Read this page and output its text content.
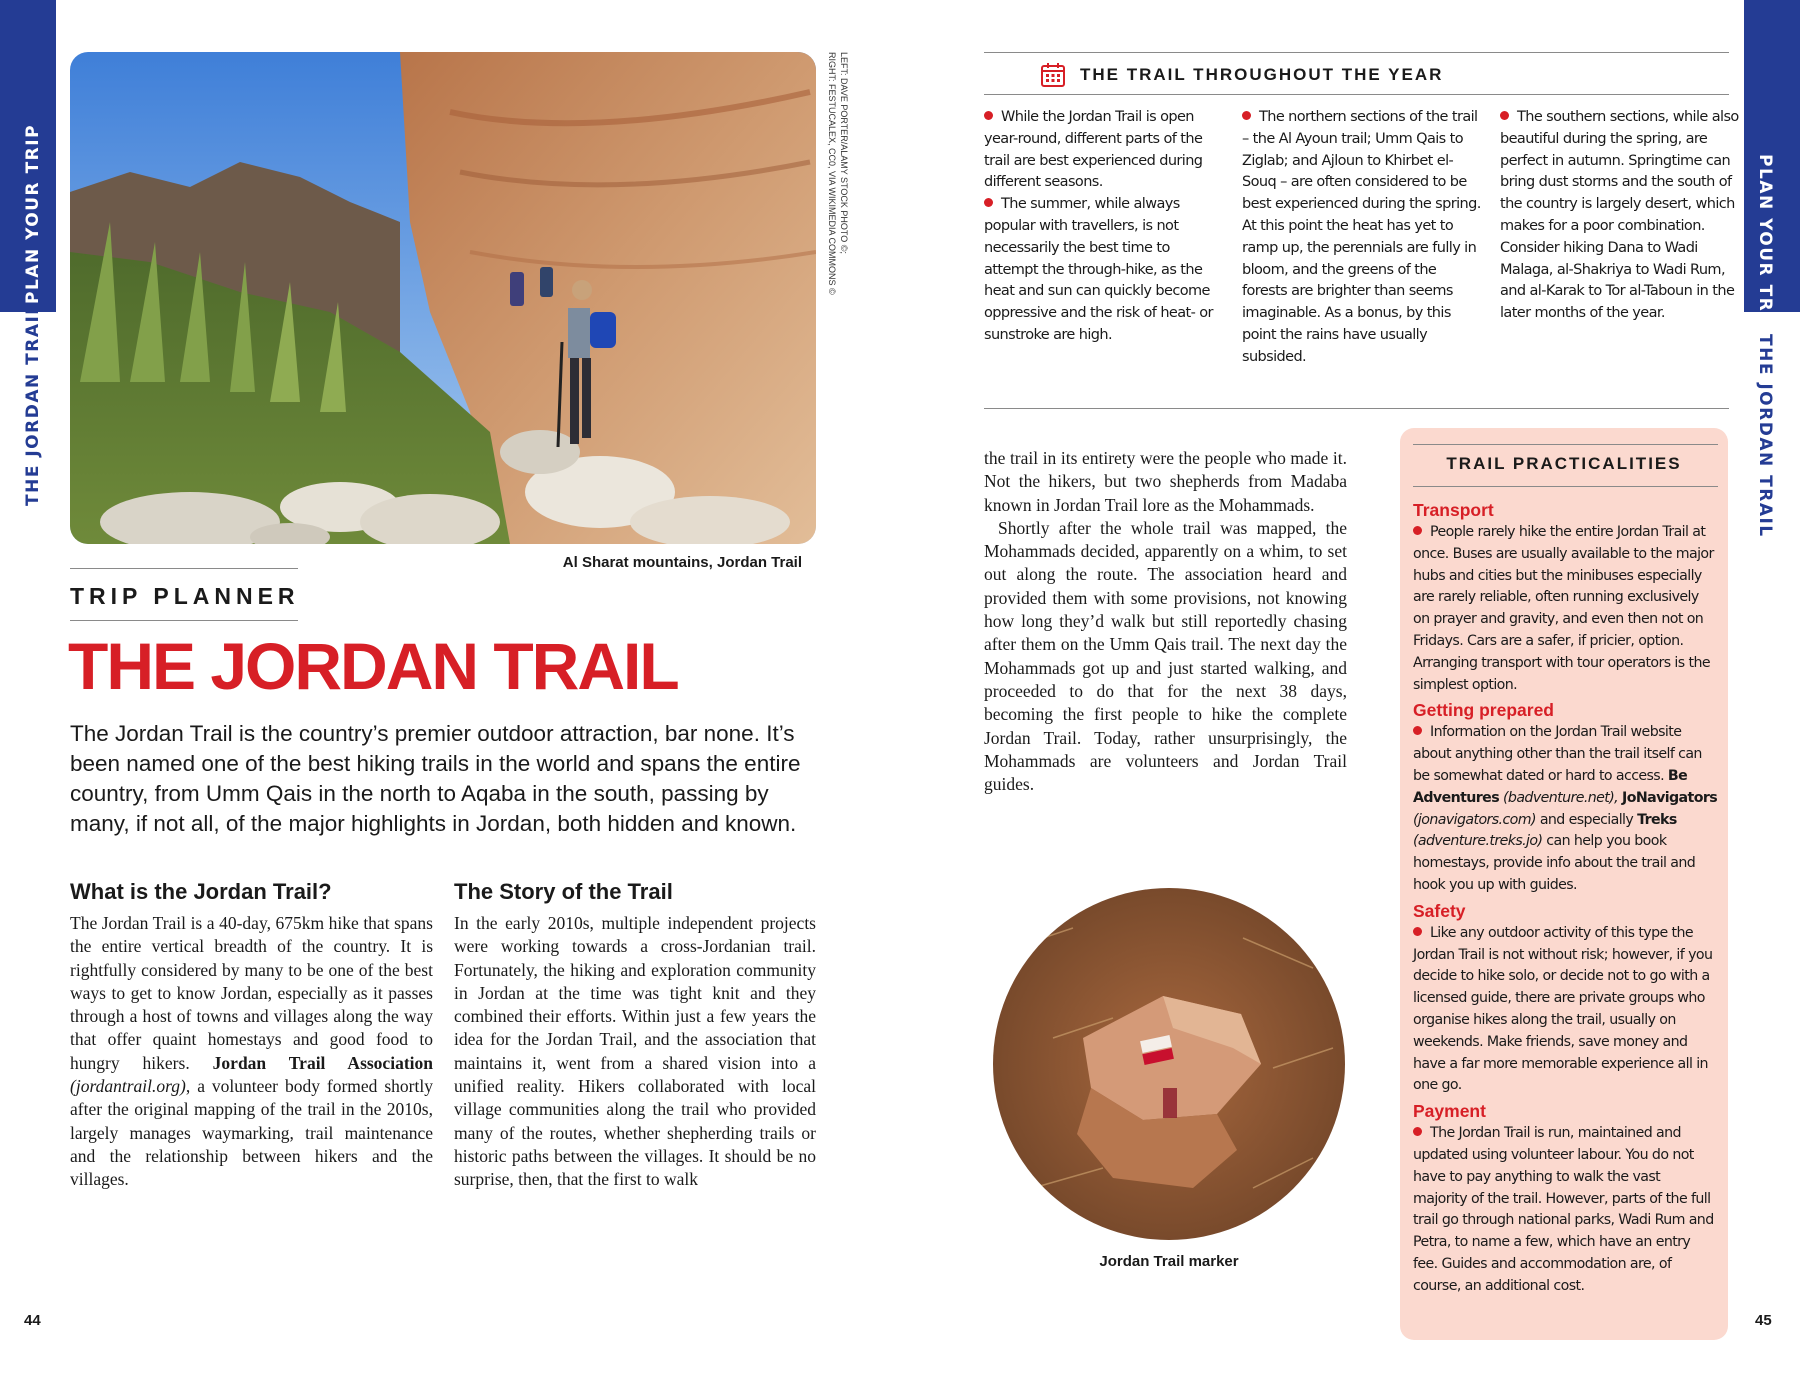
PLAN YOUR TRIP
THE JORDAN TRAIL
PLAN YOUR TRIP
THE JORDAN TRAIL
44	45
LEFT: DAVE PORTER/ALAMY STOCK PHOTO ©;
RIGHT: FESTUCALEX, CC0, VIA WIKIMEDIA COMMONS ©
Al Sharat mountains, Jordan Trail
TRIP PLANNER
THE JORDAN TRAIL
The Jordan Trail is the country’s premier outdoor attraction, bar none. It’s been named one of the best hiking trails in the world and spans the entire country, from Umm Qais in the north to Aqaba in the south, passing by many, if not all, of the major highlights in Jordan, both hidden and known.
What is the Jordan Trail?
The Jordan Trail is a 40-day, 675km hike that spans the entire vertical breadth of the country. It is rightfully considered by many to be one of the best ways to get to know Jordan, especially as it passes through a host of towns and villages along the way that offer quaint homestays and good food to hungry hikers. Jordan Trail Association (jordantrail.org), a volunteer body formed shortly after the original mapping of the trail in the 2010s, largely manages waymarking, trail maintenance and the relationship between hikers and the villages.
The Story of the Trail
In the early 2010s, multiple independent projects were working towards a cross-Jordanian trail. Fortunately, the hiking and exploration community in Jordan at the time was tight knit and they combined their efforts. Within just a few years the idea for the Jordan Trail, and the association that maintains it, went from a shared vision into a unified reality. Hikers collaborated with local village communities along the trail who provided many of the routes, whether shepherding trails or historic paths between the villages. It should be no surprise, then, that the first to walk
THE TRAIL THROUGHOUT THE YEAR
While the Jordan Trail is open year-round, different parts of the trail are best experienced during different seasons.
The summer, while always popular with travellers, is not necessarily the best time to attempt the through-hike, as the heat and sun can quickly become oppressive and the risk of heat- or sunstroke are high.
The northern sections of the trail – the Al Ayoun trail; Umm Qais to Ziglab; and Ajloun to Khirbet el-Souq – are often considered to be best experienced during the spring. At this point the heat has yet to ramp up, the perennials are fully in bloom, and the greens of the forests are brighter than seems imaginable. As a bonus, by this point the rains have usually subsided.
The southern sections, while also beautiful during the spring, are perfect in autumn. Springtime can bring dust storms and the south of the country is largely desert, which makes for a poor combination. Consider hiking Dana to Wadi Malaga, al-Shakriya to Wadi Rum, and al-Karak to Tor al-Taboun in the later months of the year.
the trail in its entirety were the people who made it. Not the hikers, but two shepherds from Madaba known in Jordan Trail lore as the Mohammads.
Shortly after the whole trail was mapped, the Mohammads decided, apparently on a whim, to set out along the route. The association heard and provided them with some provisions, not knowing how long they’d walk but still reportedly chasing after them on the Umm Qais trail. The next day the Mohammads got up and just started walking, and proceeded to do that for the next 38 days, becoming the first people to hike the complete Jordan Trail. Today, rather unsurprisingly, the Mohammads are volunteers and Jordan Trail guides.
Jordan Trail marker
TRAIL PRACTICALITIES
Transport

People rarely hike the entire Jordan Trail at once. Buses are usually available to the major hubs and cities but the minibuses especially are rarely reliable, often running exclusively on prayer and gravity, and even then not on Fridays. Cars are a safer, if pricier, option. Arranging transport with tour operators is the simplest option.

Getting prepared

Information on the Jordan Trail website about anything other than the trail itself can be somewhat dated or hard to access. Be Adventures (badventure.net), JoNavigators (jonavigators.com) and especially Treks (adventure.treks.jo) can help you book homestays, provide info about the trail and hook you up with guides.

Safety

Like any outdoor activity of this type the Jordan Trail is not without risk; however, if you decide to hike solo, or decide not to go with a licensed guide, there are private groups who organise hikes along the trail, usually on weekends. Make friends, save money and have a far more memorable experience all in one go.

Payment

The Jordan Trail is run, maintained and updated using volunteer labour. You do not have to pay anything to walk the vast majority of the trail. However, parts of the full trail go through national parks, Wadi Rum and Petra, to name a few, which have an entry fee. Guides and accommodation are, of course, an additional cost.
